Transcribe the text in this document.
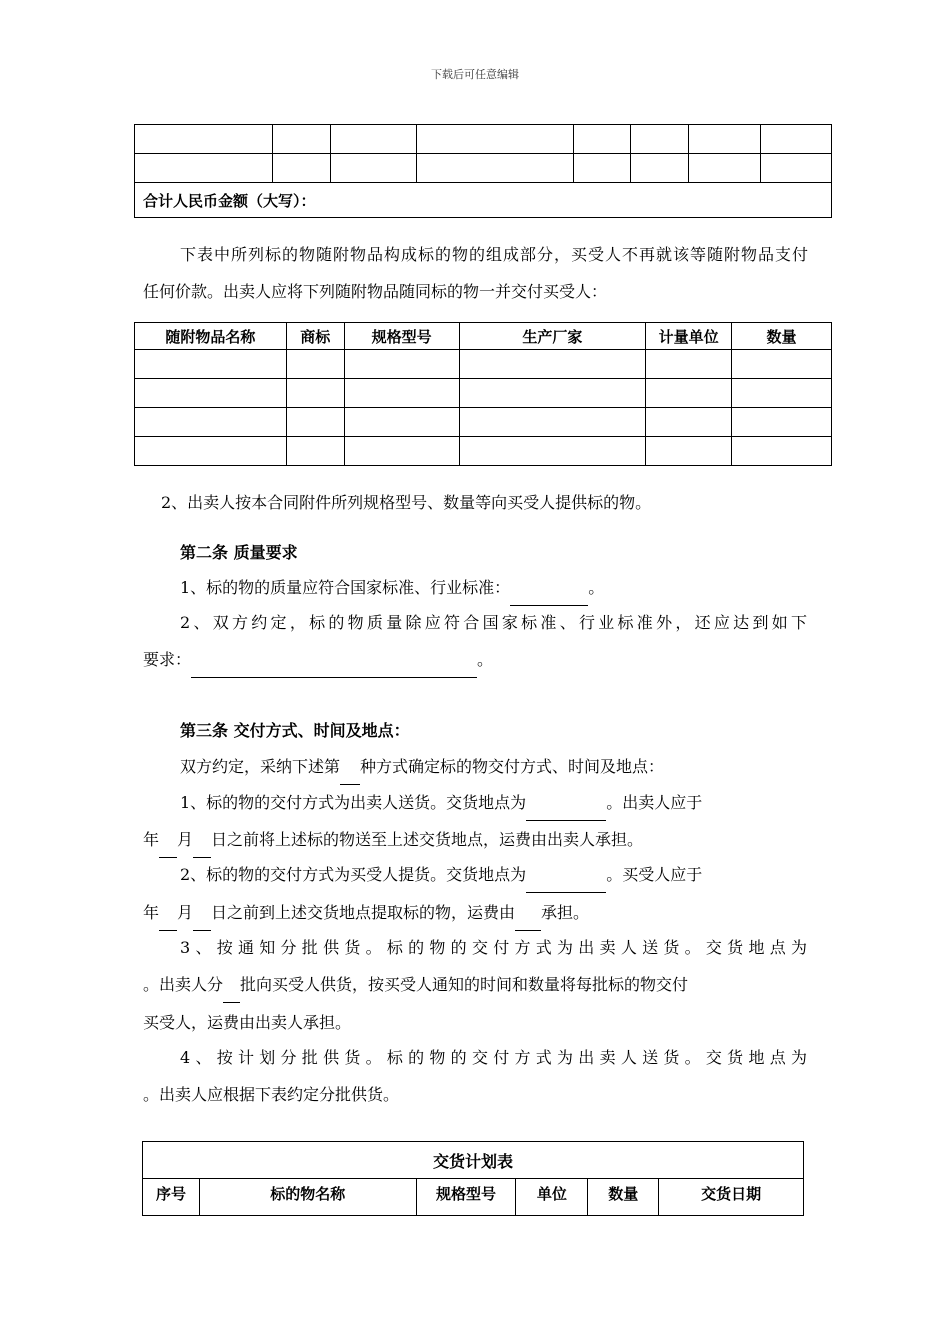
下载后可任意编辑

合计人民币金额（大写）：							
下表中所列标的物随附物品构成标的物的组成部分，买受人不再就该等随附物品支付
任何价款。出卖人应将下列随附物品随同标的物一并交付买受人：
随附物品名称	商标	规格型号	生产厂家	计量单位	数量

2、出卖人按本合同附件所列规格型号、数量等向买受人提供标的物。
第二条 质量要求
1、标的物的质量应符合国家标准、行业标准：	。
2、双方约定，标的物质量除应符合国家标准、行业标准外，还应达到如下
要求：	。
第三条 交付方式、时间及地点：
双方约定，采纳下述第 种方式确定标的物交付方式、时间及地点：
1、标的物的交付方式为出卖人送货。交货地点为	。出卖人应于
年 月 日之前将上述标的物送至上述交货地点，运费由出卖人承担。
2、标的物的交付方式为买受人提货。交货地点为	。买受人应于
年 月 日之前到上述交货地点提取标的物，运费由 承担。
3、按通知分批供货。标的物的交付方式为出卖人送货。交货地点为
。出卖人分 批向买受人供货，按买受人通知的时间和数量将每批标的物交付
买受人，运费由出卖人承担。
4、按计划分批供货。标的物的交付方式为出卖人送货。交货地点为
。出卖人应根据下表约定分批供货。
交货计划表
序号	标的物名称	规格型号	单位	数量	交货日期
